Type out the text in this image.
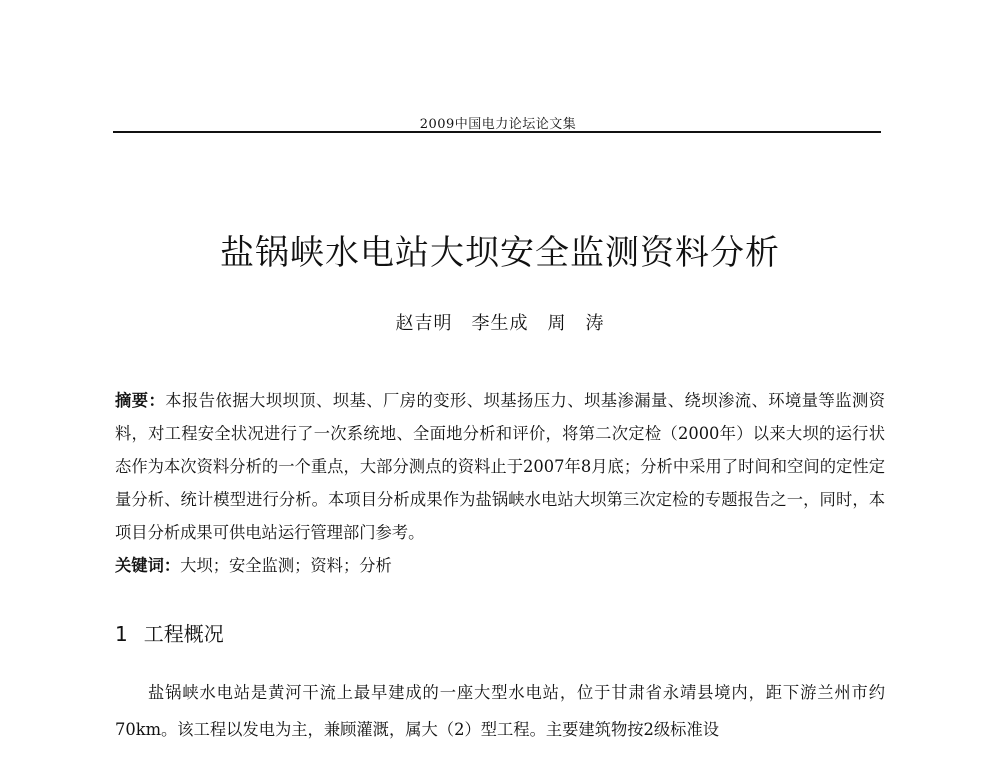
2009中国电力论坛论文集
盐锅峡水电站大坝安全监测资料分析
赵吉明　李生成　周　涛

摘要：本报告依据大坝坝顶、坝基、厂房的变形、坝基扬压力、坝基渗漏量、绕坝渗流、环境量等监测资料，对工程安全状况进行了一次系统地、全面地分析和评价，将第二次定检（2000年）以来大坝的运行状态作为本次资料分析的一个重点，大部分测点的资料止于2007年8月底；分析中采用了时间和空间的定性定量分析、统计模型进行分析。本项目分析成果作为盐锅峡水电站大坝第三次定检的专题报告之一，同时，本项目分析成果可供电站运行管理部门参考。

关键词：大坝；安全监测；资料；分析

1 工程概况

盐锅峡水电站是黄河干流上最早建成的一座大型水电站，位于甘肃省永靖县境内，距下游兰州市约70km。该工程以发电为主，兼顾灌溉，属大（2）型工程。主要建筑物按2级标准设
